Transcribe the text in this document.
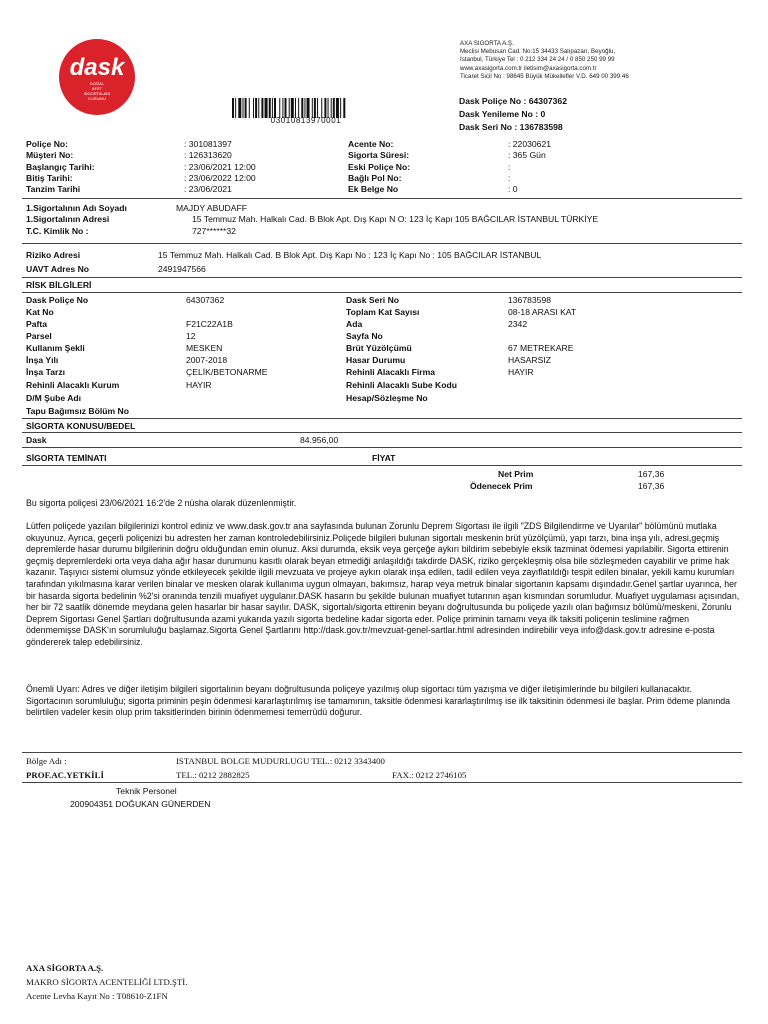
dask
DOĞAL
AFET
SİGORTALARI
KURUMU
AXA SIGORTA A.Ş.
Meclisi Mebusan Cad. No:15 34433 Salıpazarı, Beyoğlu,
İstanbul, Türkiye Tel : 0 212 334 24 24 / 0 850 250 99 99
www.axasigorta.com.tr iletisim@axasigorta.com.tr
Ticaret Sicil No : 98645 Büyük Mükellefler V.D. 649 00 399 46
03010813970001
Dask Poliçe No : 64307362
Dask Yenileme No : 0
Dask Seri No : 136783598
Poliçe No:	: 301081397
Müşteri No:	: 126313620
Başlangıç Tarihi:	: 23/06/2021 12:00
Bitiş Tarihi:	: 23/06/2022 12:00
Tanzim Tarihi	: 23/06/2021
Acente No:	: 22030621
Sigorta Süresi:	: 365 Gün
Eski Poliçe No:	:
Bağlı Pol No:	:
Ek Belge No	: 0
1.Sigortalının Adı Soyadı	MAJDY ABUDAFF
1.Sigortalının Adresi	15 Temmuz Mah. Halkalı Cad. B Blok Apt. Dış Kapı N O: 123 İç Kapı 105 BAĞCILAR İSTANBUL TÜRKİYE
T.C. Kimlik No :	727******32
Riziko Adresi	15 Temmuz Mah. Halkalı Cad. B Blok Apt. Dış Kapı No : 123 İç Kapı No : 105 BAĞCILAR İSTANBUL
UAVT Adres No	2491947566
RİSK BİLGİLERİ
Dask Poliçe No	64307362
Kat No
Pafta	F21C22A1B
Parsel	12
Kullanım Şekli	MESKEN
İnşa Yılı	2007-2018
İnşa Tarzı	ÇELİK/BETONARME
Rehinli Alacaklı Kurum	HAYIR
D/M Şube Adı
Tapu Bağımsız Bölüm No
Dask Seri No	136783598
Toplam Kat Sayısı	08-18 ARASI KAT
Ada	2342
Sayfa No
Brüt Yüzölçümü	67 METREKARE
Hasar Durumu	HASARSIZ
Rehinli Alacaklı Firma	HAYIR
Rehinli Alacaklı Sube Kodu
Hesap/Sözleşme No
SİGORTA KONUSU/BEDEL
Dask	84.956,00
SİGORTA TEMİNATI	FİYAT
Net Prim	167,36
Ödenecek Prim	167,36
Bu sigorta poliçesi 23/06/2021 16:2'de 2 nüsha olarak düzenlenmiştir.
Lütfen poliçede yazılan bilgilerinizi kontrol ediniz ve www.dask.gov.tr ana sayfasında bulunan Zorunlu Deprem Sigortası ile ilgili "ZDS Bilgilendirme ve Uyarılar" bölümünü mutlaka okuyunuz. Ayrıca, geçerli poliçenizi bu adresten her zaman kontroledebilirsiniz.Poliçede bilgileri bulunan sigortalı meskenin brüt yüzölçümü, yapı tarzı, bina inşa yılı, adresi,geçmiş depremlerde hasar durumu bilgilerinin doğru olduğundan emin olunuz. Aksi durumda, eksik veya gerçeğe aykırı bildirim sebebiyle eksik tazminat ödemesi yapılabilir. Sigorta ettirenin geçmiş depremlerdeki orta veya daha ağır hasar durumunu kasıtlı olarak beyan etmediği anlaşıldığı takdirde DASK, riziko gerçekleşmiş olsa bile sözleşmeden cayabilir ve prime hak kazanır. Taşıyıcı sistemi olumsuz yönde etkileyecek şekilde ilgili mevzuata ve projeye aykırı olarak inşa edilen, tadil edilen veya zayıflatıldığı tespit edilen binalar, yekili kamu kurumları tarafından yıkılmasına karar verilen binalar ve mesken olarak kullanıma uygun olmayan, bakımsız, harap veya metruk binalar sigortanın kapsamı dışındadır.Genel şartlar uyarınca, her bir hasarda sigorta bedelinin %2'si oranında tenzili muafiyet uygulanır.DASK hasarın bu şekilde bulunan muafiyet tutarının aşan kısmından sorumludur. Muafiyet uygulaması açısından, her bir 72 saatlik dönemde meydana gelen hasarlar bir hasar sayılır. DASK, sigortalı/sigorta ettirenin beyanı doğrultusunda bu poliçede yazılı olan bağımsız bölümü/meskeni, Zorunlu Deprem Sigortası Genel Şartları doğrultusunda azami yukarıda yazılı sigorta bedeline kadar sigorta eder. Poliçe priminin tamamı veya ilk taksiti poliçenin teslimine rağmen ödenmemişse DASK'ın sorumluluğu başlamaz.Sigorta Genel Şartlarını http://dask.gov.tr/mevzuat-genel-sartlar.html adresinden indirebilir veya info@dask.gov.tr adresine e-posta göndererek talep edebilirsiniz.
Önemli Uyarı: Adres ve diğer iletişim bilgileri sigortalının beyanı doğrultusunda poliçeye yazılmış olup sigortacı tüm yazışma ve diğer iletişimlerinde bu bilgileri kullanacaktır. Sigortacının sorumluluğu; sigorta priminin peşin ödenmesi kararlaştırılmış ise tamamının, taksitle ödenmesi kararlaştırılmış ise ilk taksitinin ödenmesi ile başlar. Prim ödeme planında belirtilen vadeler kesin olup prim taksitlerinden birinin ödenmemesi temerrüdü doğurur.
Bölge Adı :	ISTANBUL BOLGE MUDURLUGU TEL.: 0212 3343400
PROF.AC.YETKİLİ	TEL.: 0212 2882825	FAX.: 0212 2746105
Teknik Personel
200904351 DOĞUKAN GÜNERDEN
AXA SİGORTA A.Ş.
MAKRO SİGORTA ACENTELİĞİ LTD.ŞTİ.
Acente Levha Kayıt No : T08610-Z1FN
